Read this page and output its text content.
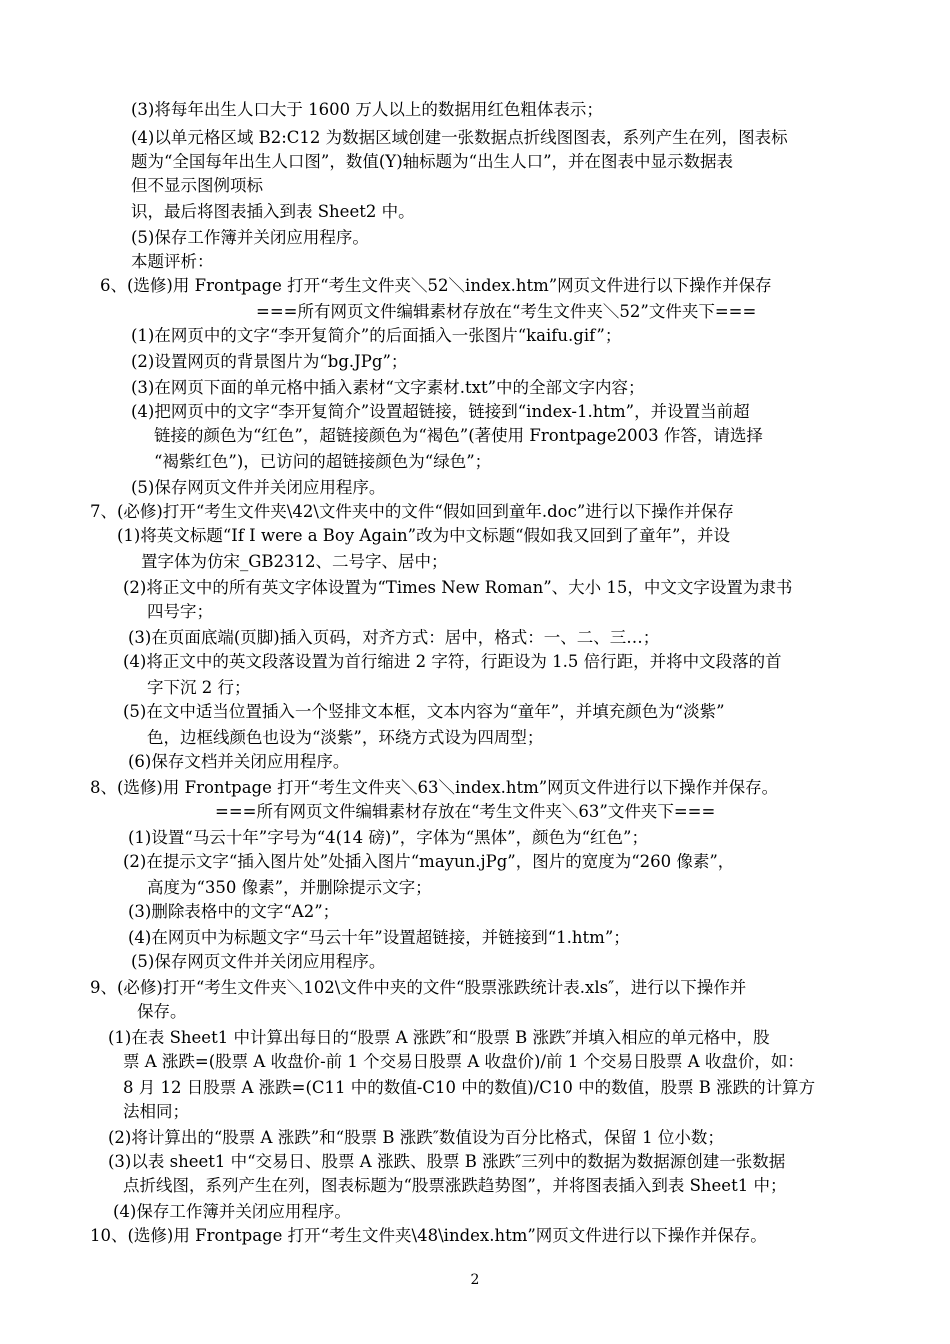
(3)将每年出生人口大于 1600 万人以上的数据用红色粗体表示；
(4)以单元格区域 B2:C12 为数据区域创建一张数据点折线图图表，系列产生在列，图表标
题为“全国每年出生人口图”，数值(Y)轴标题为“出生人口”，并在图表中显示数据表
但不显示图例项标
识，最后将图表插入到表 Sheet2 中。
(5)保存工作簿并关闭应用程序。
本题评析：
6、(选修)用 Frontpage 打开“考生文件夹＼52＼index.htm”网页文件进行以下操作并保存
===所有网页文件编辑素材存放在“考生文件夹＼52”文件夹下===
(1)在网页中的文字“李开复简介”的后面插入一张图片“kaifu.gif”；
(2)设置网页的背景图片为“bg.JPg”；
(3)在网页下面的单元格中插入素材“文字素材.txt”中的全部文字内容；
(4)把网页中的文字“李开复简介”设置超链接，链接到“index-1.htm”，并设置当前超
链接的颜色为“红色”，超链接颜色为“褐色”(著使用 Frontpage2003 作答，请选择
“褐紫红色”)，已访问的超链接颜色为“绿色”；
(5)保存网页文件并关闭应用程序。
7、(必修)打开“考生文件夹\42\文件夹中的文件“假如回到童年.doc”进行以下操作并保存
(1)将英文标题“If I were a Boy Again”改为中文标题“假如我又回到了童年”，并设
置字体为仿宋_GB2312、二号字、居中；
(2)将正文中的所有英文字体设置为“Times New Roman”、大小 15，中文文字设置为隶书
四号字；
(3)在页面底端(页脚)插入页码，对齐方式：居中，格式：一、二、三…；
(4)将正文中的英文段落设置为首行缩进 2 字符，行距设为 1.5 倍行距，并将中文段落的首
字下沉 2 行；
(5)在文中适当位置插入一个竖排文本框，文本内容为“童年”，并填充颜色为“淡紫”
色，边框线颜色也设为“淡紫”，环绕方式设为四周型；
(6)保存文档并关闭应用程序。
8、(选修)用 Frontpage 打开“考生文件夹＼63＼index.htm”网页文件进行以下操作并保存。
===所有网页文件编辑素材存放在“考生文件夹＼63”文件夹下===
(1)设置“马云十年”字号为“4(14 磅)”，字体为“黑体”，颜色为“红色”；
(2)在提示文字“插入图片处”处插入图片“mayun.jPg”，图片的宽度为“260 像素”，
高度为“350 像素”，并删除提示文字；
(3)删除表格中的文字“A2”；
(4)在网页中为标题文字“马云十年”设置超链接，并链接到“1.htm”；
(5)保存网页文件并关闭应用程序。
9、(必修)打开“考生文件夹＼102\文件中夹的文件“股票涨跌统计表.xls″，进行以下操作并
保存。
(1)在表 Sheet1 中计算出每日的“股票 A 涨跌″和“股票 B 涨跌″并填入相应的单元格中，股
票 A 涨跌=(股票 A 收盘价-前 1 个交易日股票 A 收盘价)/前 1 个交易日股票 A 收盘价，如：
8 月 12 日股票 A 涨跌=(C11 中的数值-C10 中的数值)/C10 中的数值，股票 B 涨跌的计算方
法相同；
(2)将计算出的“股票 A 涨跌”和“股票 B 涨跌″数值设为百分比格式，保留 1 位小数；
(3)以表 sheet1 中“交易日、股票 A 涨跌、股票 B 涨跌″三列中的数据为数据源创建一张数据
点折线图，系列产生在列，图表标题为“股票涨跌趋势图”，并将图表插入到表 Sheet1 中；
(4)保存工作簿并关闭应用程序。
10、(选修)用 Frontpage 打开“考生文件夹\48\index.htm”网页文件进行以下操作并保存。
2
